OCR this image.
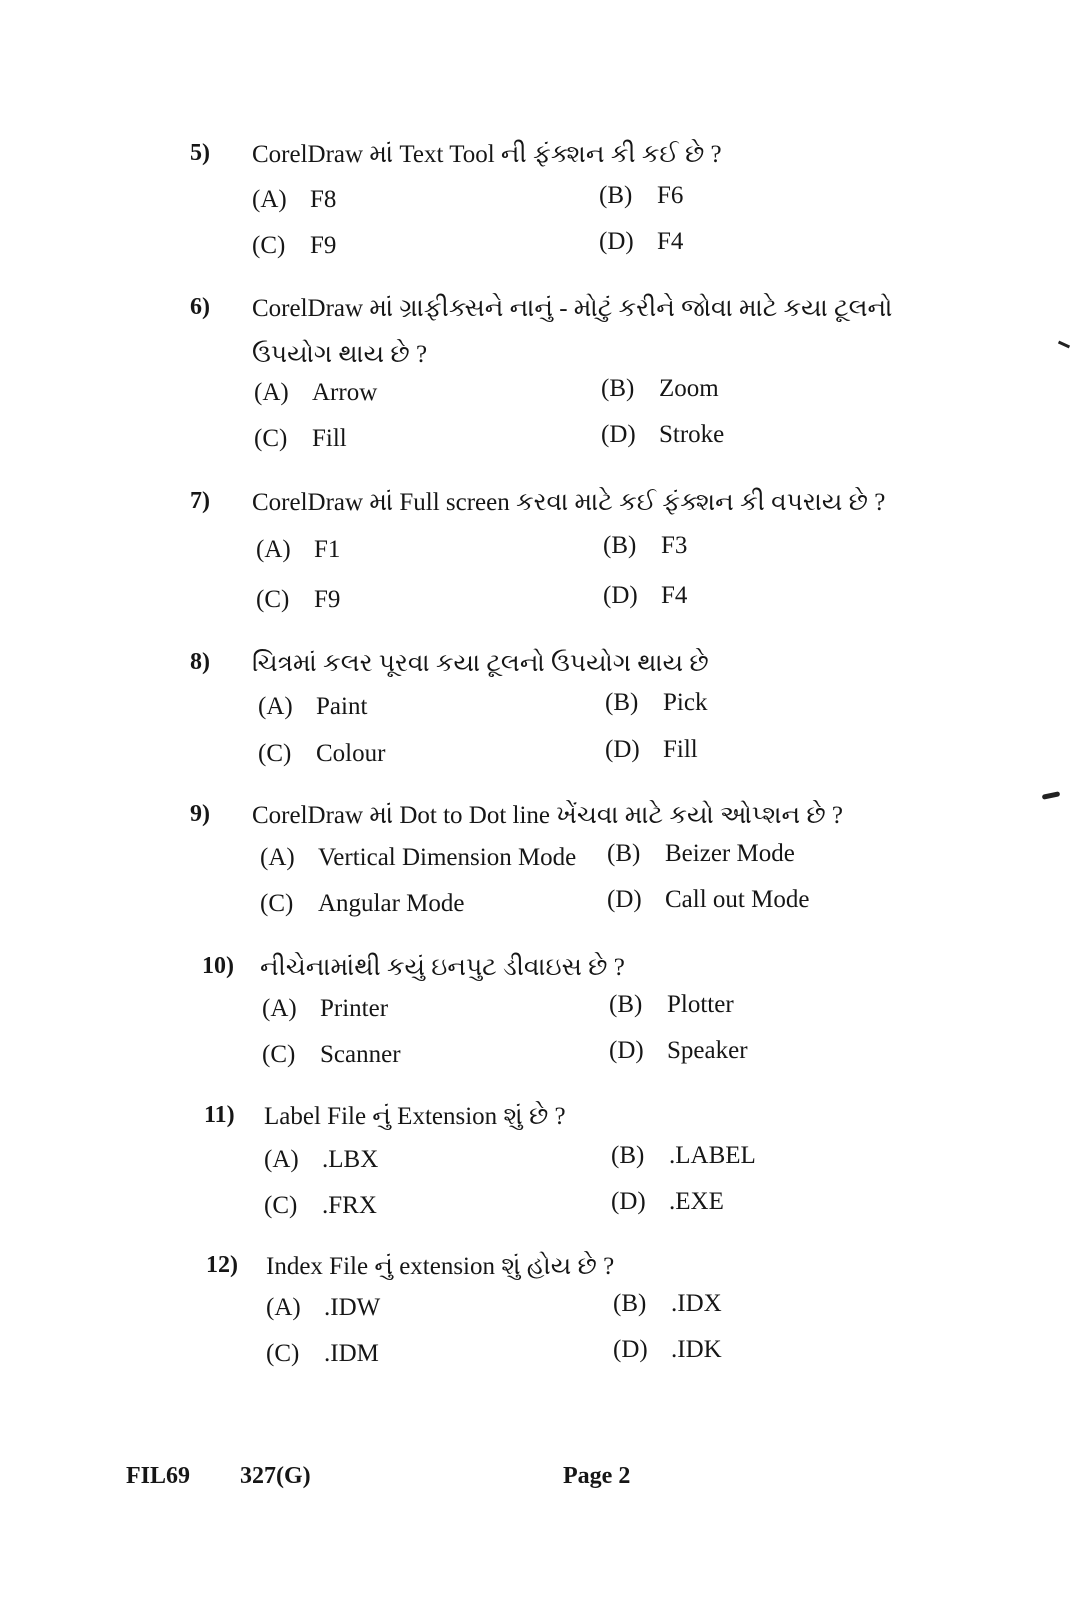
5) CorelDraw માં Text Tool ની ફંક્શન કી કઈ છે ?
(A) F8	(B) F6
(C) F9	(D) F4
6) CorelDraw માં ગ્રાફીક્સને નાનું - મોટું કરીને જોવા માટે કયા ટૂલનો ઉપયોગ થાય છે ?
(A) Arrow	(B) Zoom
(C) Fill	(D) Stroke
7) CorelDraw માં Full screen કરવા માટે કઈ ફંક્શન કી વપરાય છે ?
(A) F1	(B) F3
(C) F9	(D) F4
8) ચિત્રમાં કલર પૂરવા કયા ટૂલનો ઉપયોગ થાય છે
(A) Paint	(B) Pick
(C) Colour	(D) Fill
9) CorelDraw માં Dot to Dot line ખેંચવા માટે કયો ઓપ્શન છે ?
(A) Vertical Dimension Mode (B) Beizer Mode
(C) Angular Mode	(D) Call out Mode
10) નીચેનામાંથી કયું ઇનપુટ ડીવાઇસ છે ?
(A) Printer	(B) Plotter
(C) Scanner	(D) Speaker
11) Label File નું Extension શું છે ?
(A) .LBX	(B) .LABEL
(C) .FRX	(D) .EXE
12) Index File નું extension શું હોય છે ?
(A) .IDW	(B) .IDX
(C) .IDM	(D) .IDK
FIL69 327(G)	Page 2
